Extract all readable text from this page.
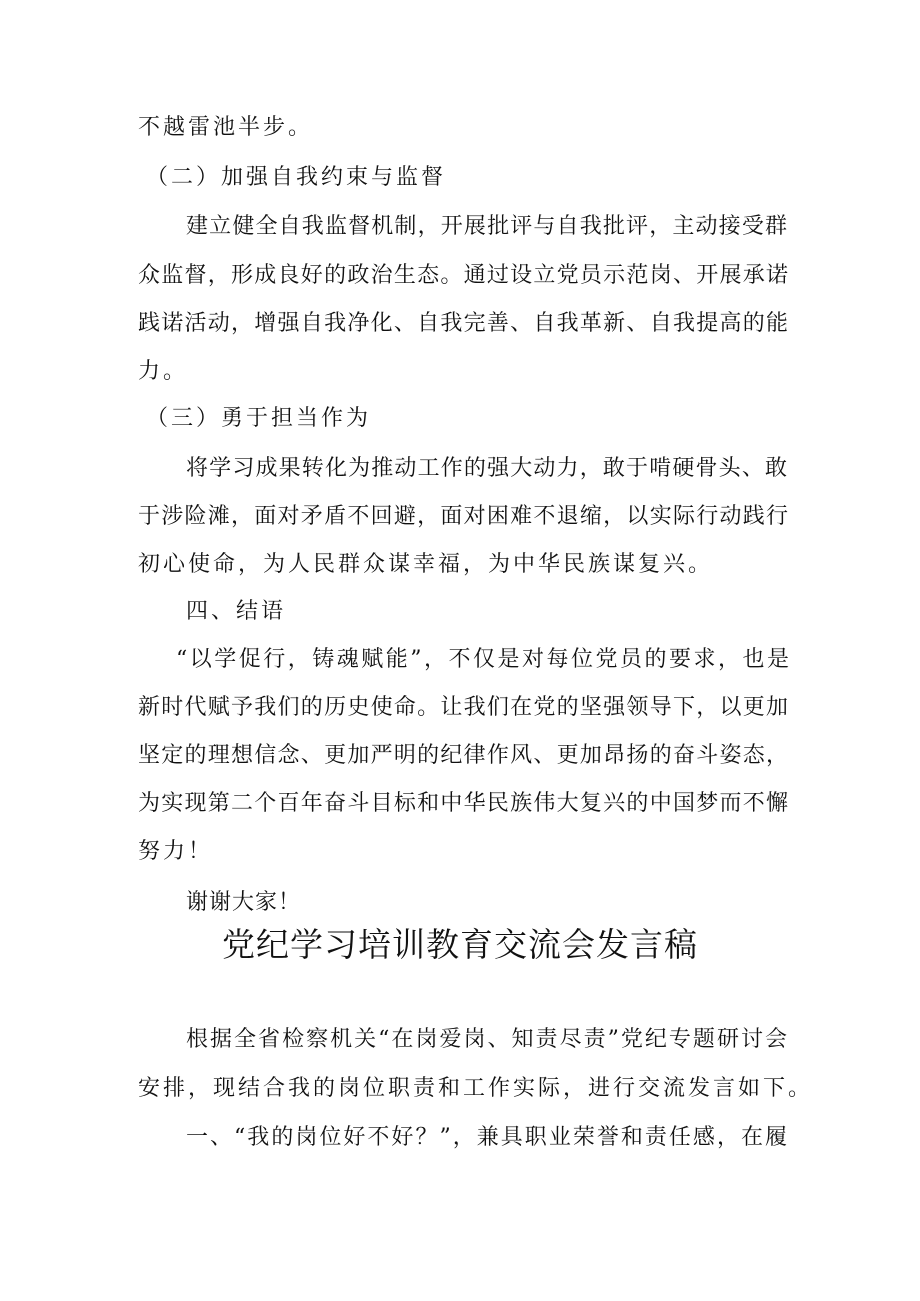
不越雷池半步。
（二）加强自我约束与监督
建立健全自我监督机制，开展批评与自我批评，主动接受群
众监督，形成良好的政治生态。通过设立党员示范岗、开展承诺
践诺活动，增强自我净化、自我完善、自我革新、自我提高的能
力。
（三）勇于担当作为
将学习成果转化为推动工作的强大动力，敢于啃硬骨头、敢
于涉险滩，面对矛盾不回避，面对困难不退缩，以实际行动践行
初心使命，为人民群众谋幸福，为中华民族谋复兴。
四、结语
“以学促行，铸魂赋能”，不仅是对每位党员的要求，也是
新时代赋予我们的历史使命。让我们在党的坚强领导下，以更加
坚定的理想信念、更加严明的纪律作风、更加昂扬的奋斗姿态，
为实现第二个百年奋斗目标和中华民族伟大复兴的中国梦而不懈
努力！
谢谢大家！
党纪学习培训教育交流会发言稿
根据全省检察机关“在岗爱岗、知责尽责”党纪专题研讨会
安排，现结合我的岗位职责和工作实际，进行交流发言如下。
一、“我的岗位好不好？”，兼具职业荣誉和责任感，在履
